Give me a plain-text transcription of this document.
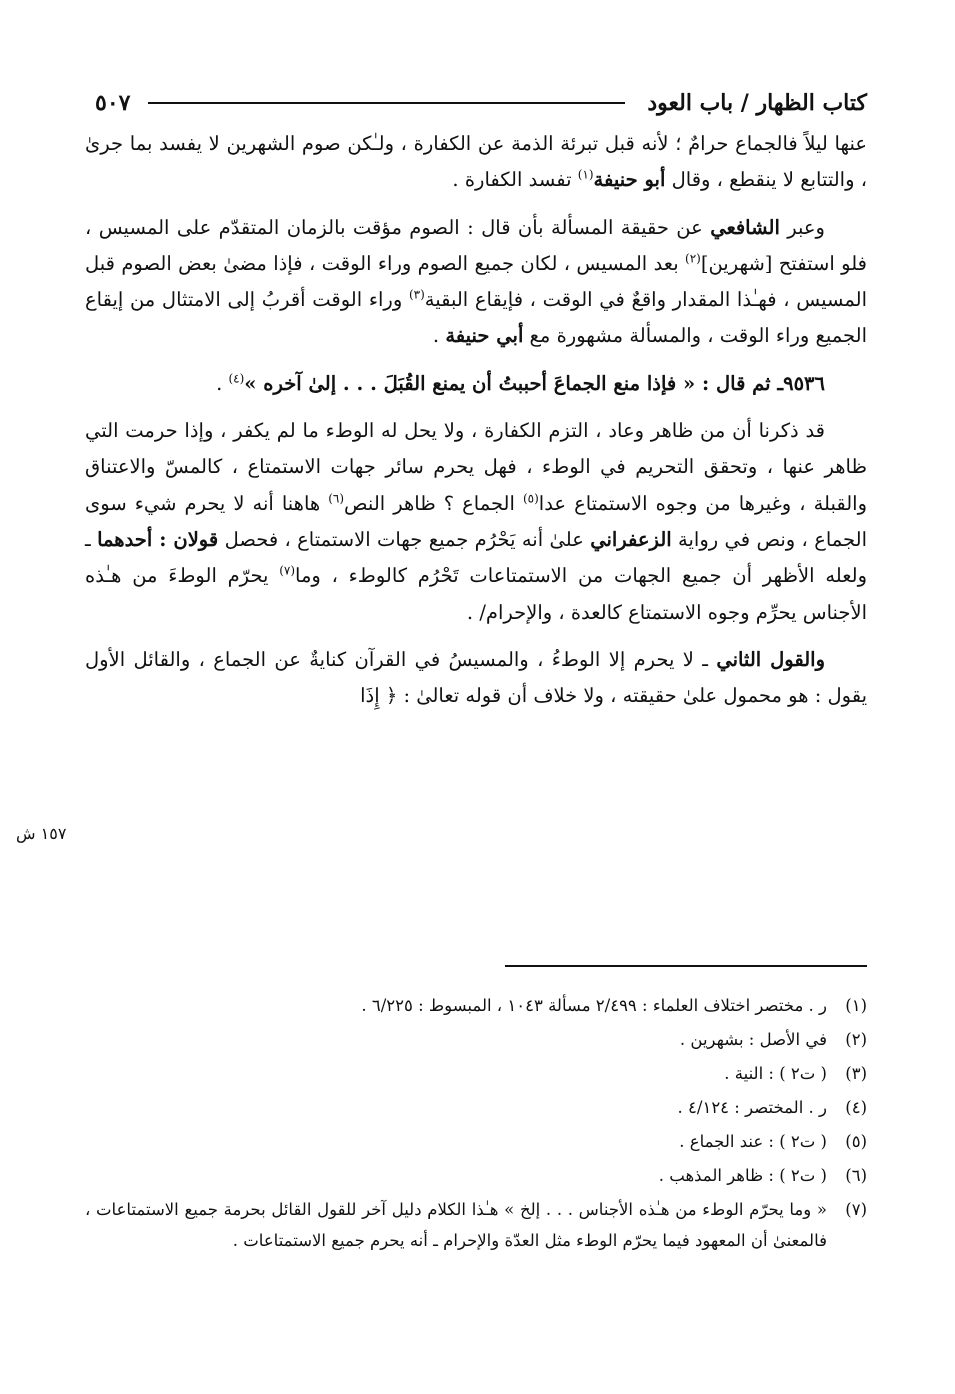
كتاب الظهار / باب العود
٥٠٧

عنها ليلاً فالجماع حرامٌ ؛ لأنه قبل تبرئة الذمة عن الكفارة ، ولـٰكن صوم الشهرين لا يفسد بما جرىٰ ، والتتابع لا ينقطع ، وقال أبو حنيفة$^{(١)}$ تفسد الكفارة .

وعبر الشافعي عن حقيقة المسألة بأن قال : الصوم مؤقت بالزمان المتقدّم على المسيس ، فلو استفتح [شهرين]$^{(٢)}$ بعد المسيس ، لكان جميع الصوم وراء الوقت ، فإذا مضىٰ بعض الصوم قبل المسيس ، فهـٰذا المقدار واقعٌ في الوقت ، فإيقاع البقية$^{(٣)}$ وراء الوقت أقربُ إلى الامتثال من إيقاع الجميع وراء الوقت ، والمسألة مشهورة مع أبي حنيفة .

٩٥٣٦ـ ثم قال : « فإذا منع الجماعَ أحببتُ أن يمنع القُبَلَ . . . إلىٰ آخره »$^{(٤)}$ .

قد ذكرنا أن من ظاهر وعاد ، التزم الكفارة ، ولا يحل له الوطء ما لم يكفر ، وإذا حرمت التي ظاهر عنها ، وتحقق التحريم في الوطء ، فهل يحرم سائر جهات الاستمتاع ، كالمسّ والاعتناق والقبلة ، وغيرها من وجوه الاستمتاع عدا$^{(٥)}$ الجماع ؟ ظاهر النص$^{(٦)}$ هاهنا أنه لا يحرم شيء سوى الجماع ، ونص في رواية الزعفراني علىٰ أنه يَحْرُم جميع جهات الاستمتاع ، فحصل قولان : أحدهما ـ ولعله الأظهر أن جميع الجهات من الاستمتاعات تَحْرُم كالوطء ، وما$^{(٧)}$ يحرّم الوطءَ من هـٰذه الأجناس يحرِّم وجوه الاستمتاع كالعدة ، والإحرام/ .

والقول الثاني ـ لا يحرم إلا الوطءُ ، والمسيسُ في القرآن كنايةٌ عن الجماع ، والقائل الأول يقول : هو محمول علىٰ حقيقته ، ولا خلاف أن قوله تعالىٰ : ﴿ إِذَا

١٥٧ ش
(١)
ر . مختصر اختلاف العلماء : ٢/٤٩٩ مسألة ١٠٤٣ ، المبسوط : ٦/٢٢٥ .
(٢)
في الأصل : بشهرين .
(٣)
( ت٢ ) : النية .
(٤)
ر . المختصر : ٤/١٢٤ .
(٥)
( ت٢ ) : عند الجماع .
(٦)
( ت٢ ) : ظاهر المذهب .
(٧)
« وما يحرّم الوطء من هـٰذه الأجناس . . . إلخ » هـٰذا الكلام دليل آخر للقول القائل بحرمة جميع الاستمتاعات ، فالمعنىٰ أن المعهود فيما يحرّم الوطء مثل العدّة والإحرام ـ أنه يحرم جميع الاستمتاعات .
